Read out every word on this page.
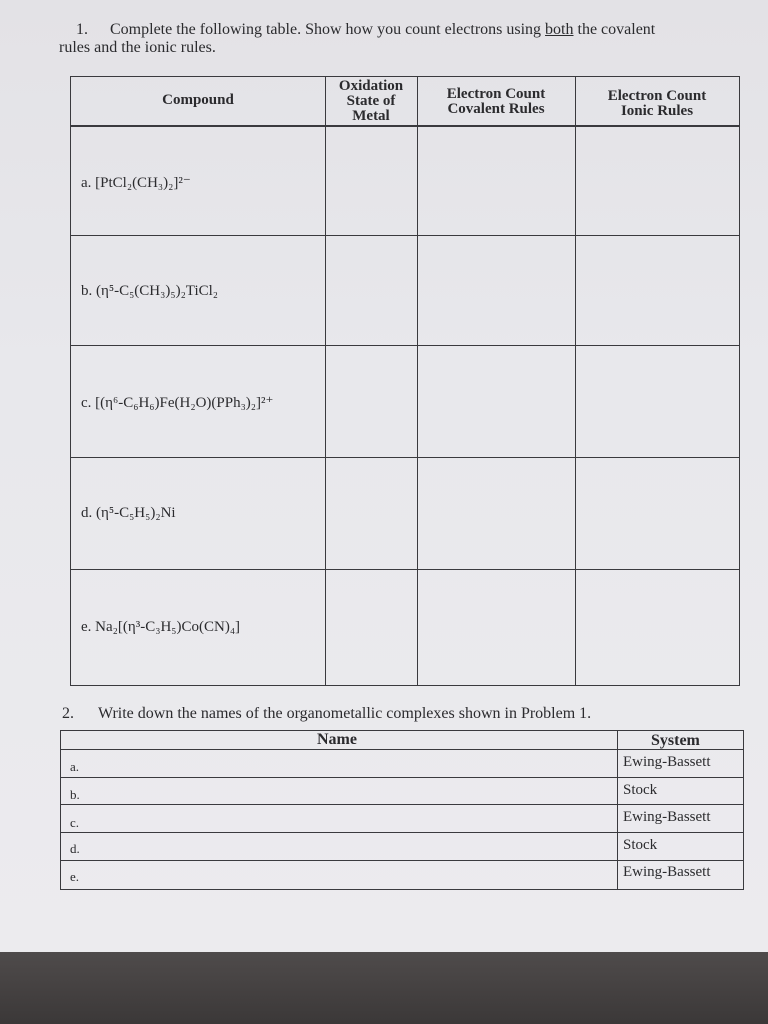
1. Complete the following table. Show how you count electrons using both the covalent
rules and the ionic rules.
Compound
Oxidation
State of
Metal
Electron Count
Covalent Rules
Electron Count
Ionic Rules
a. [PtCl₂(CH₃)₂]²⁻
b. (η⁵-C₅(CH₃)₅)₂TiCl₂
c. [(η⁶-C₆H₆)Fe(H₂O)(PPh₃)₂]²⁺
d. (η⁵-C₅H₅)₂Ni
e. Na₂[(η³-C₃H₅)Co(CN)₄]
2. Write down the names of the organometallic complexes shown in Problem 1.
Name	System
a.
b.
c.
d.
e.
Ewing-Bassett
Stock
Ewing-Bassett
Stock
Ewing-Bassett
